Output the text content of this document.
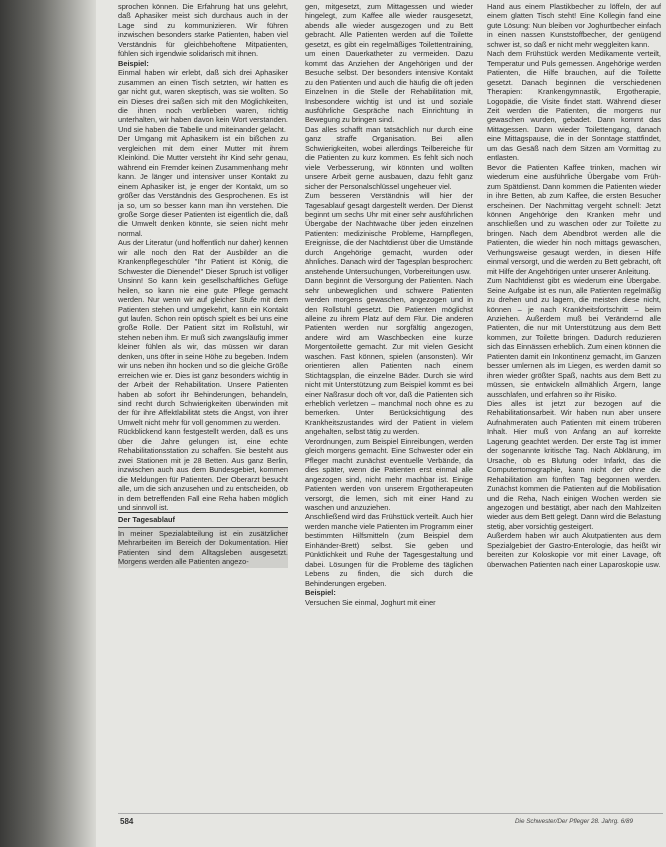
sprochen können. Die Erfahrung hat uns gelehrt, daß Aphasiker meist sich durchaus auch in der Lage sind zu kommunizieren. Wir führen inzwischen besonders starke Patienten, haben viel Verständnis für gleichbehoftene Mitpatienten, fühlen sich irgendwie solidarisch mit ihnen.

Beispiel:

Einmal haben wir erlebt, daß sich drei Aphasiker zusammen an einen Tisch setzten, wir hatten es gar nicht gut, waren skeptisch, was sie wollten. So ein Dieses drei saßen sich mit den Möglichkeiten, die ihnen noch verblieben waren, richtig unterhalten, wir haben davon kein Wort verstanden. Und sie haben die Tabelle und miteinander gelacht.

Der Umgang mit Aphasikern ist ein bißchen zu vergleichen mit dem einer Mutter mit ihrem Kleinkind. Die Mutter versteht ihr Kind sehr genau, während ein Fremder keinen Zusammenhang mehr kann. Je länger und intensiver unser Kontakt zu einem Aphasiker ist, je enger der Kontakt, um so größer das Verständnis des Gesprochenen. Es ist ja so, um so besser kann man ihn verstehen. Die große Sorge dieser Patienten ist eigentlich die, daß die Umwelt denken könnte, sie seien nicht mehr normal.

Aus der Literatur (und hoffentlich nur daher) kennen wir alle noch den Rat der Ausbilder an die Krankenpflegeschüler "Ihr Patient ist König, die Schwester die Dienende!" Dieser Spruch ist völliger Unsinn! So kann kein gesellschaftliches Gefüge heilen, so kann nie eine gute Pflege gemacht werden. Nur wenn wir auf gleicher Stufe mit dem Patienten stehen und umgekehrt, kann ein Kontakt gut laufen. Schon rein optisch spielt es bei uns eine große Rolle. Der Patient sitzt im Rollstuhl, wir stehen neben ihm. Er muß sich zwangsläufig immer kleiner fühlen als wir, das müssen wir daran denken, uns öfter in seine Höhe zu begeben. Indem wir uns neben ihn hocken und so die gleiche Größe erreichen wie er. Dies ist ganz besonders wichtig in der Arbeit der Rehabilitation. Unsere Patienten haben ab sofort ihr Behinderungen, behandeln, sind recht durch Schwierigkeiten überwinden mit der für ihre Affektlabilität stets die Angst, von ihrer Umwelt nicht mehr für voll genommen zu werden.

Rückblickend kann festgestellt werden, daß es uns über die Jahre gelungen ist, eine echte Rehabilitationsstation zu schaffen. Sie besteht aus zwei Stationen mit je 28 Betten. Aus ganz Berlin, inzwischen auch aus dem Bundesgebiet, kommen die Meldungen für Patienten. Der Oberarzt besucht alle, um die sich anzusehen und zu entscheiden, ob in dem betreffenden Fall eine Reha haben möglich und sinnvoll ist.

Der Tagesablauf

In meiner Spezialabteilung ist ein zusätzlicher Mehrarbeiten im Bereich der Dokumentation. Hier Patienten sind dem Alltagsleben ausgesetzt. Morgens werden alle Patienten angezo-

gen, mitgesetzt, zum Mittagessen und wieder hingelegt, zum Kaffee alle wieder rausgesetzt, abends alle wieder ausgezogen und zu Bett gebracht. Alle Patienten werden auf die Toilette gesetzt, es gibt ein regelmäßiges Toilettentraining, um einen Dauerkatheter zu vermeiden. Dazu kommt das Anziehen der Angehörigen und der Besuche selbst. Der besonders intensive Kontakt zu den Patienten und auch die häufig die oft jeden Einzelnen in die Stelle der Rehabilitation mit, Insbesondere wichtig ist und ist und soziale ausführliche Gespräche nach Einrichtung in Bewegung zu bringen sind.

Das alles schafft man tatsächlich nur durch eine ganz straffe Organisation. Bei allen Schwierigkeiten, wobei allerdings Teilbereiche für die Patienten zu kurz kommen. Es fehlt sich noch viele Verbesserung, wir könnten und wollten unsere Arbeit gerne ausbauen, dazu fehlt ganz sicher der Personalschlüssel ungeheuer viel.

Zum besseren Verständnis will hier der Tagesablauf gesagt dargestellt werden. Der Dienst beginnt um sechs Uhr mit einer sehr ausführlichen Übergabe der Nachtwache über jeden einzelnen Patienten: medizinische Probleme, Harnpflegen, Ereignisse, die der Nachtdienst über die Umstände durch Angehörige gemacht, wurden oder ähnliches. Danach wird der Tagesplan besprochen: anstehende Untersuchungen, Vorbereitungen usw.

Dann beginnt die Versorgung der Patienten. Nach sehr unbeweglichen und schwere Patienten werden morgens gewaschen, angezogen und in den Rollstuhl gesetzt. Die Patienten möglichst alleine zu ihrem Platz auf dem Flur. Die anderen Patienten werden nur sorgfältig angezogen, andere wird am Waschbecken eine kurze Morgentoilette gemacht. Zur mit vielen Gesicht waschen. Fast können, spielen (ansonsten). Wir orientieren allen Patienten nach einem Stichtagsplan, die einzelne Bäder. Durch sie wird nicht mit Unterstützung zum Beispiel kommt es bei einer Naßrasur doch oft vor, daß die Patienten sich erheblich verletzen – manchmal noch ohne es zu bemerken. Unter Berücksichtigung des Krankheitszustandes wird der Patient in vielem angehalten, selbst tätig zu werden.

Verordnungen, zum Beispiel Einreibungen, werden gleich morgens gemacht. Eine Schwester oder ein Pfleger macht zunächst eventuelle Verbände, da dies später, wenn die Patienten erst einmal alle angezogen sind, nicht mehr machbar ist. Einige Patienten werden von unserem Ergotherapeuten versorgt, die lernen, sich mit einer Hand zu waschen und anzuziehen.

Anschließend wird das Frühstück verteilt. Auch hier werden manche viele Patienten im Programm einer bestimmten Hilfsmitteln (zum Beispiel dem Einhänder-Brett) selbst. Sie geben und Pünktlichkeit und Ruhe der Tagesgestaltung und dabei. Lösungen für die Probleme des täglichen Lebens zu finden, die sich durch die Behinderungen ergeben.

Beispiel:

Versuchen Sie einmal, Joghurt mit einer

Hand aus einem Plastikbecher zu löffeln, der auf einem glatten Tisch steht! Eine Kollegin fand eine gute Lösung: Nun bleiben vor Joghurtbecher einfach in einen nassen Kunststoffbecher, der genügend schwer ist, so daß er nicht mehr weggleiten kann.

Nach dem Frühstück werden Medikamente verteilt, Temperatur und Puls gemessen. Angehörige werden Patienten, die Hilfe brauchen, auf die Toilette gesetzt. Danach beginnen die verschiedenen Therapien: Krankengymnastik, Ergotherapie, Logopädie, die Visite findet statt. Während dieser Zeit werden die Patienten, die morgens nur gewaschen wurden, gebadet. Dann kommt das Mittagessen. Dann wieder Toilettengang, danach eine Mittagspause, die in der Sonntage stattfindet, um das Gesäß nach dem Sitzen am Vormittag zu entlasten.

Bevor die Patienten Kaffee trinken, machen wir wiederum eine ausführliche Übergabe vom Früh- zum Spätdienst. Dann kommen die Patienten wieder in ihre Betten, ab zum Kaffee, die ersten Besucher erscheinen. Der Nachmittag vergeht schnell: Jetzt können Angehörige den Kranken mehr und anschließen und zu waschen oder zur Toilette zu bringen. Nach dem Abendbrot werden alle die Patienten, die wieder hin noch mittags gewaschen, Verhungsweise gesaugt werden, in diesen Hilfe einmal versorgt, und die werden zu Bett gebracht, oft mit Hilfe der Angehörigen unter unserer Anleitung.

Zum Nachtdienst gibt es wiederum eine Übergabe. Seine Aufgabe ist es nun, alle Patienten regelmäßig zu drehen und zu lagern, die meisten diese nicht, können – je nach Krankheitsfortschritt – beim Anziehen. Außerdem muß bei Verändernd alle Patienten, die nur mit Unterstützung aus dem Bett kommen, zur Toilette bringen. Dadurch reduzieren sich das Einnässen erheblich. Zum einen können die Patienten damit ein Inkontinenz gemacht, im Ganzen besser umlernen als im Liegen, es werden damit so ihren wieder größter Spaß, nachts aus dem Bett zu müssen, sie entwickeln allmählich Ärgern, lange ausschlafen, und erfahren so ihr Risiko.

Dies alles ist jetzt zur bezogen auf die Rehabilitationsarbeit. Wir haben nun aber unsere Aufnahmeraten auch Patienten mit einem trüberen Inhalt. Hier muß von Anfang an auf korrekte Lagerung geachtet werden. Der erste Tag ist immer der sogenannte kritische Tag. Nach Abklärung, im Ursache, ob es Blutung oder Infarkt, das die Computertomographie, kann nicht der ohne die Rehabilitation am fünften Tag begonnen werden. Zunächst kommen die Patienten auf die Mobilisation und die Reha, Nach einigen Wochen werden sie angezogen und bestätigt, aber nach den Mahlzeiten wieder aus dem Bett gelegt. Dann wird die Belastung stetig, aber vorsichtig gesteigert.

Außerdem haben wir auch Akutpatienten aus dem Spezialgebiet der Gastro-Enterologie, das heißt wir bereiten zur Koloskopie vor mit einer Lavage, oft überwachen Patienten nach einer Laparoskopie usw.

584	Die Schwester/Der Pfleger 28. Jahrg. 6/89
